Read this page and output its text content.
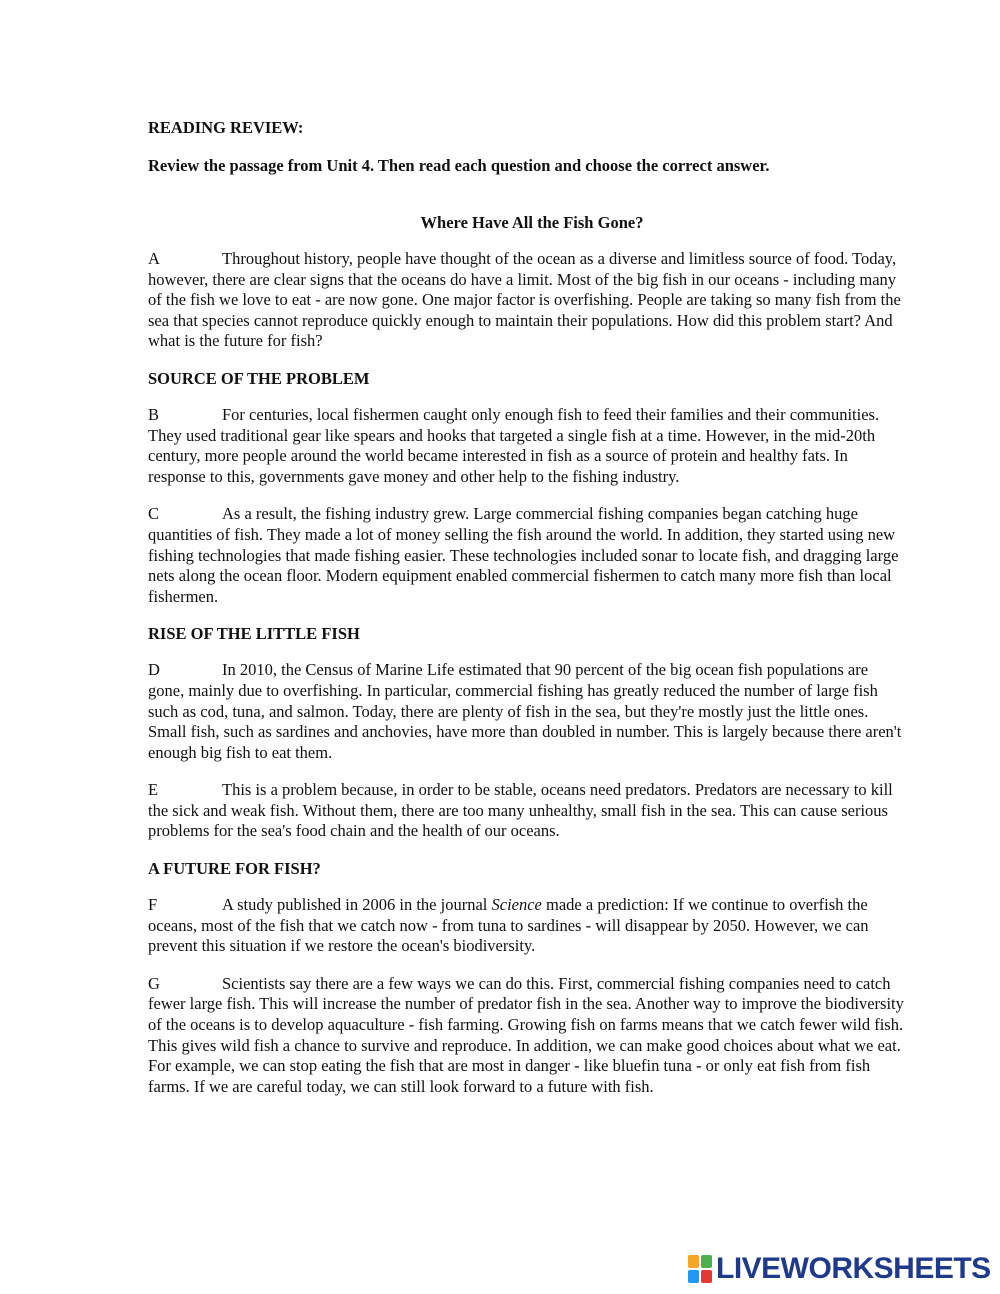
READING REVIEW:

Review the passage from Unit 4. Then read each question and choose the correct answer.

Where Have All the Fish Gone?

A	Throughout history, people have thought of the ocean as a diverse and limitless source of food. Today, however, there are clear signs that the oceans do have a limit. Most of the big fish in our oceans - including many of the fish we love to eat - are now gone. One major factor is overfishing. People are taking so many fish from the sea that species cannot reproduce quickly enough to maintain their populations. How did this problem start? And what is the future for fish?

SOURCE OF THE PROBLEM

B	For centuries, local fishermen caught only enough fish to feed their families and their communities. They used traditional gear like spears and hooks that targeted a single fish at a time. However, in the mid-20th century, more people around the world became interested in fish as a source of protein and healthy fats. In response to this, governments gave money and other help to the fishing industry.

C	As a result, the fishing industry grew. Large commercial fishing companies began catching huge quantities of fish. They made a lot of money selling the fish around the world. In addition, they started using new fishing technologies that made fishing easier. These technologies included sonar to locate fish, and dragging large nets along the ocean floor. Modern equipment enabled commercial fishermen to catch many more fish than local fishermen.

RISE OF THE LITTLE FISH

D	In 2010, the Census of Marine Life estimated that 90 percent of the big ocean fish populations are gone, mainly due to overfishing. In particular, commercial fishing has greatly reduced the number of large fish such as cod, tuna, and salmon. Today, there are plenty of fish in the sea, but they're mostly just the little ones. Small fish, such as sardines and anchovies, have more than doubled in number. This is largely because there aren't enough big fish to eat them.

E	This is a problem because, in order to be stable, oceans need predators. Predators are necessary to kill the sick and weak fish. Without them, there are too many unhealthy, small fish in the sea. This can cause serious problems for the sea's food chain and the health of our oceans.

A FUTURE FOR FISH?

F	A study published in 2006 in the journal Science made a prediction: If we continue to overfish the oceans, most of the fish that we catch now - from tuna to sardines - will disappear by 2050. However, we can prevent this situation if we restore the ocean's biodiversity.

G	Scientists say there are a few ways we can do this. First, commercial fishing companies need to catch fewer large fish. This will increase the number of predator fish in the sea. Another way to improve the biodiversity of the oceans is to develop aquaculture - fish farming. Growing fish on farms means that we catch fewer wild fish. This gives wild fish a chance to survive and reproduce. In addition, we can make good choices about what we eat. For example, we can stop eating the fish that are most in danger - like bluefin tuna - or only eat fish from fish farms. If we are careful today, we can still look forward to a future with fish.

LIVEWORKSHEETS
